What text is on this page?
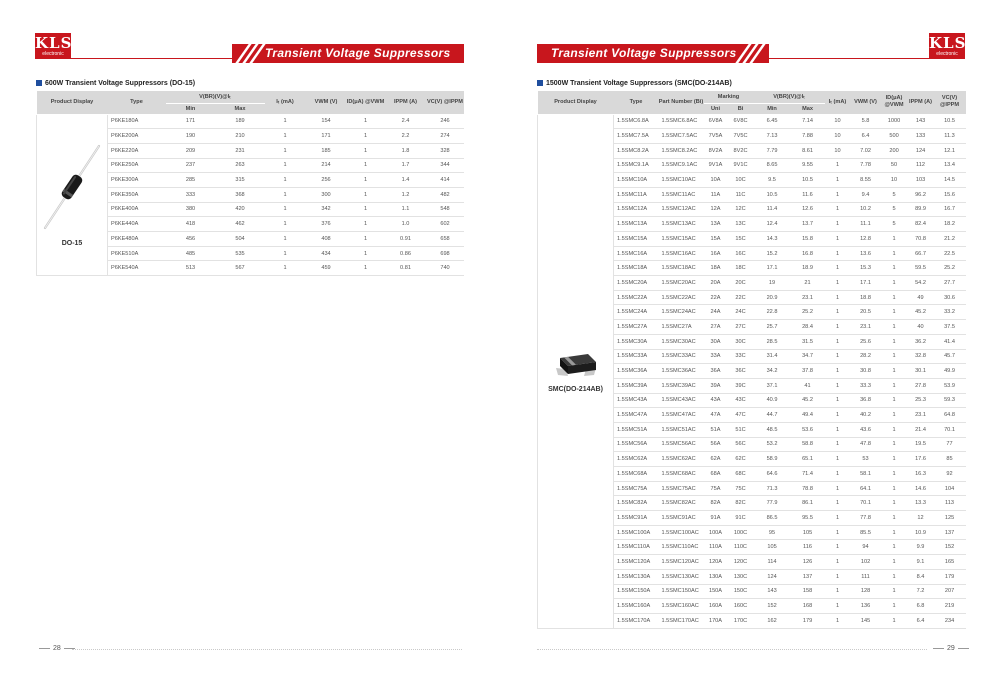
KLS
electronic	Transient Voltage Suppressors
600W Transient Voltage Suppressors (DO-15)
Product Display	Type	V(BR)(V)@Iₜ		Iₜ (mA)	VWM (V)	ID(μA) @VWM	IPPM (A)	VC(V) @IPPM
		Min	Max					

DO-15	P6KE180A	171	189	1	154	1	2.4	246
	P6KE200A	190	210	1	171	1	2.2	274
	P6KE220A	209	231	1	185	1	1.8	328
	P6KE250A	237	263	1	214	1	1.7	344
	P6KE300A	285	315	1	256	1	1.4	414
	P6KE350A	333	368	1	300	1	1.2	482
	P6KE400A	380	420	1	342	1	1.1	548
	P6KE440A	418	462	1	376	1	1.0	602
	P6KE480A	456	504	1	408	1	0.91	658
	P6KE510A	485	535	1	434	1	0.86	698
	P6KE540A	513	567	1	459	1	0.81	740
28
KLS
electronic
Transient Voltage Suppressors
1500W Transient Voltage Suppressors (SMC(DO-214AB)
Product Display	Type	Part Number (Bi)	Marking		V(BR)(V)@Iₜ		Iₜ (mA)	VWM (V)	ID(μA) @VWM	IPPM (A)	VC(V) @IPPM
			Uni	Bi	Min	Max					

SMC(DO-214AB)	1.5SMC6.8A	1.5SMC6.8AC	6V8A	6V8C	6.45	7.14	10	5.8	1000	143	10.5
	1.5SMC7.5A	1.5SMC7.5AC	7V5A	7V5C	7.13	7.88	10	6.4	500	133	11.3
	1.5SMC8.2A	1.5SMC8.2AC	8V2A	8V2C	7.79	8.61	10	7.02	200	124	12.1
	1.5SMC9.1A	1.5SMC9.1AC	9V1A	9V1C	8.65	9.55	1	7.78	50	112	13.4
	1.5SMC10A	1.5SMC10AC	10A	10C	9.5	10.5	1	8.55	10	103	14.5
	1.5SMC11A	1.5SMC11AC	11A	11C	10.5	11.6	1	9.4	5	96.2	15.6
	1.5SMC12A	1.5SMC12AC	12A	12C	11.4	12.6	1	10.2	5	89.9	16.7
	1.5SMC13A	1.5SMC13AC	13A	13C	12.4	13.7	1	11.1	5	82.4	18.2
	1.5SMC15A	1.5SMC15AC	15A	15C	14.3	15.8	1	12.8	1	70.8	21.2
	1.5SMC16A	1.5SMC16AC	16A	16C	15.2	16.8	1	13.6	1	66.7	22.5
	1.5SMC18A	1.5SMC18AC	18A	18C	17.1	18.9	1	15.3	1	59.5	25.2
	1.5SMC20A	1.5SMC20AC	20A	20C	19	21	1	17.1	1	54.2	27.7
	1.5SMC22A	1.5SMC22AC	22A	22C	20.9	23.1	1	18.8	1	49	30.6
	1.5SMC24A	1.5SMC24AC	24A	24C	22.8	25.2	1	20.5	1	45.2	33.2
	1.5SMC27A	1.5SMC27A	27A	27C	25.7	28.4	1	23.1	1	40	37.5
	1.5SMC30A	1.5SMC30AC	30A	30C	28.5	31.5	1	25.6	1	36.2	41.4
	1.5SMC33A	1.5SMC33AC	33A	33C	31.4	34.7	1	28.2	1	32.8	45.7
	1.5SMC36A	1.5SMC36AC	36A	36C	34.2	37.8	1	30.8	1	30.1	49.9
	1.5SMC39A	1.5SMC39AC	39A	39C	37.1	41	1	33.3	1	27.8	53.9
	1.5SMC43A	1.5SMC43AC	43A	43C	40.9	45.2	1	36.8	1	25.3	59.3
	1.5SMC47A	1.5SMC47AC	47A	47C	44.7	49.4	1	40.2	1	23.1	64.8
	1.5SMC51A	1.5SMC51AC	51A	51C	48.5	53.6	1	43.6	1	21.4	70.1
	1.5SMC56A	1.5SMC56AC	56A	56C	53.2	58.8	1	47.8	1	19.5	77
	1.5SMC62A	1.5SMC62AC	62A	62C	58.9	65.1	1	53	1	17.6	85
	1.5SMC68A	1.5SMC68AC	68A	68C	64.6	71.4	1	58.1	1	16.3	92
	1.5SMC75A	1.5SMC75AC	75A	75C	71.3	78.8	1	64.1	1	14.6	104
	1.5SMC82A	1.5SMC82AC	82A	82C	77.9	86.1	1	70.1	1	13.3	113
	1.5SMC91A	1.5SMC91AC	91A	91C	86.5	95.5	1	77.8	1	12	125
	1.5SMC100A	1.5SMC100AC	100A	100C	95	105	1	85.5	1	10.9	137
	1.5SMC110A	1.5SMC110AC	110A	110C	105	116	1	94	1	9.9	152
	1.5SMC120A	1.5SMC120AC	120A	120C	114	126	1	102	1	9.1	165
	1.5SMC130A	1.5SMC130AC	130A	130C	124	137	1	111	1	8.4	179
	1.5SMC150A	1.5SMC150AC	150A	150C	143	158	1	128	1	7.2	207
	1.5SMC160A	1.5SMC160AC	160A	160C	152	168	1	136	1	6.8	219
	1.5SMC170A	1.5SMC170AC	170A	170C	162	179	1	145	1	6.4	234
29
